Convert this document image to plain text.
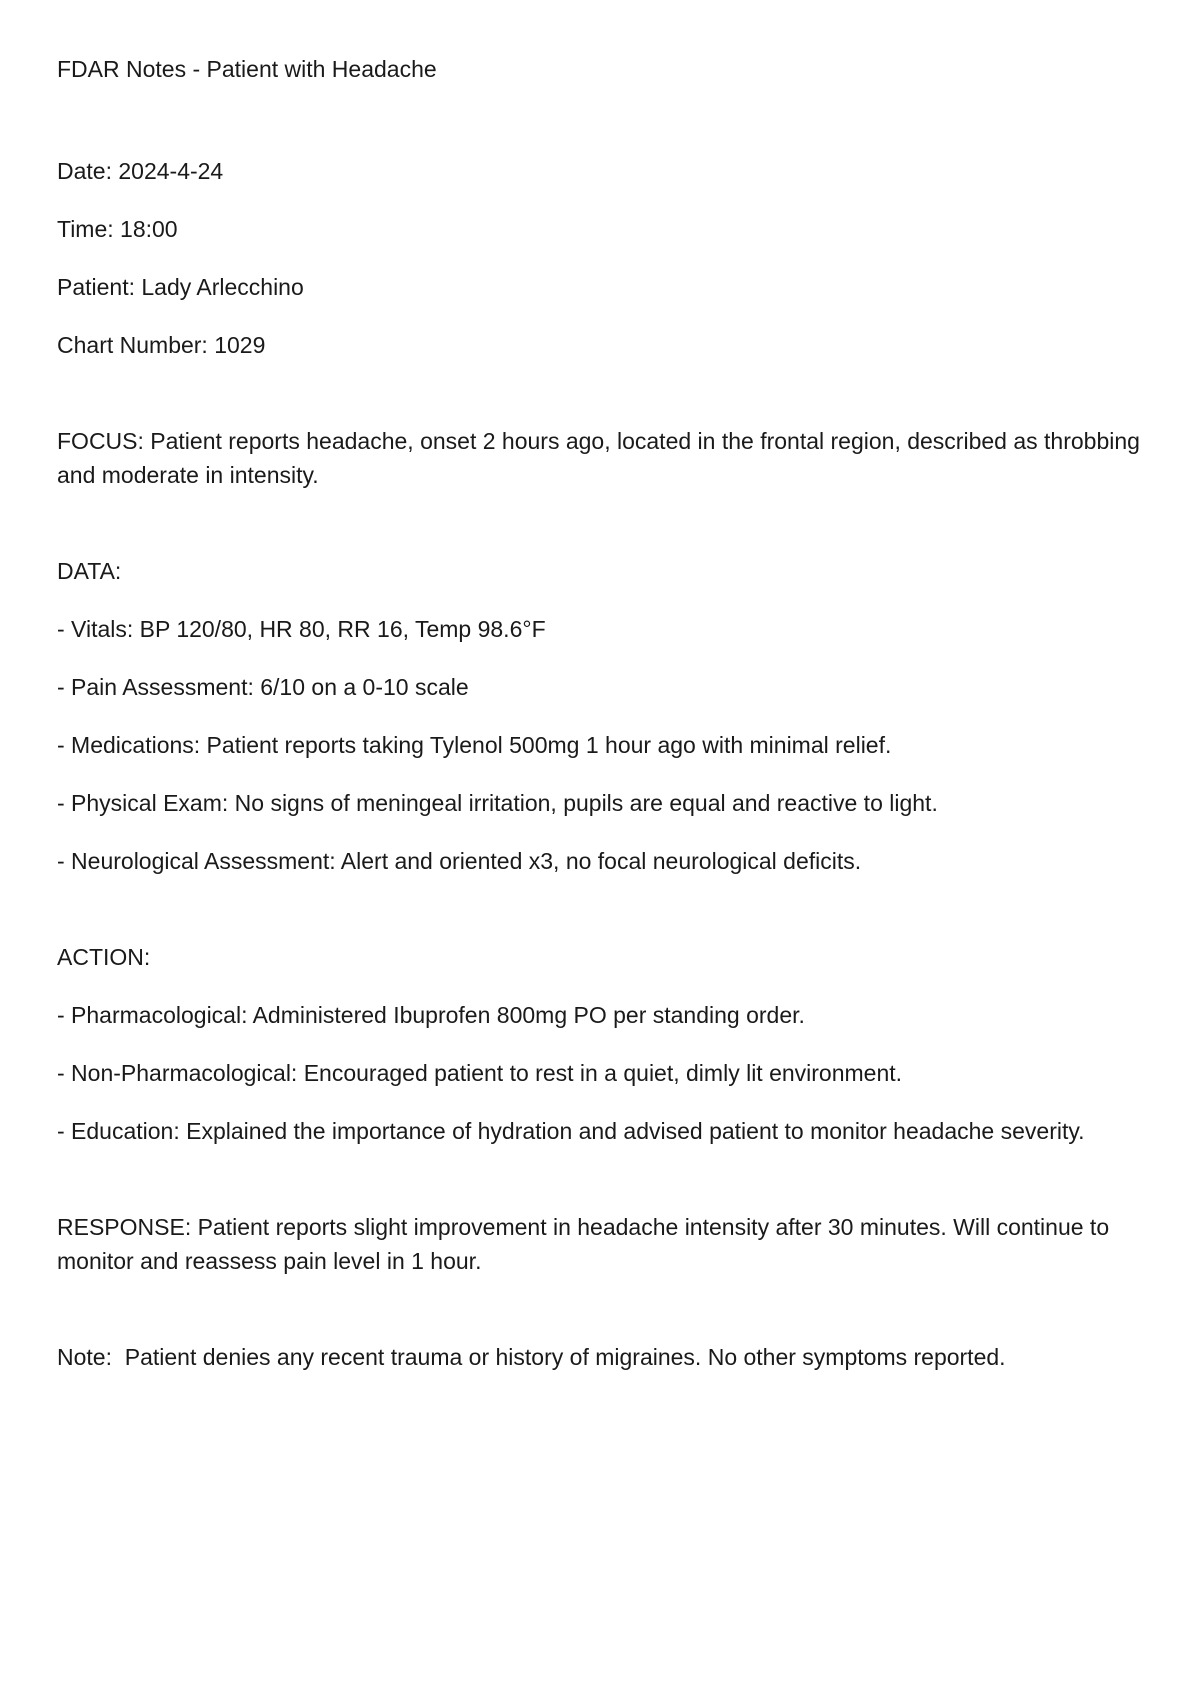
FDAR Notes - Patient with Headache

Date: 2024-4-24

Time: 18:00

Patient: Lady Arlecchino

Chart Number: 1029

FOCUS: Patient reports headache, onset 2 hours ago, located in the frontal region, described as throbbing and moderate in intensity.

DATA:

- Vitals: BP 120/80, HR 80, RR 16, Temp 98.6°F

- Pain Assessment: 6/10 on a 0-10 scale

- Medications: Patient reports taking Tylenol 500mg 1 hour ago with minimal relief.

- Physical Exam: No signs of meningeal irritation, pupils are equal and reactive to light.

- Neurological Assessment: Alert and oriented x3, no focal neurological deficits.

ACTION:

- Pharmacological: Administered Ibuprofen 800mg PO per standing order.

- Non-Pharmacological: Encouraged patient to rest in a quiet, dimly lit environment.

- Education: Explained the importance of hydration and advised patient to monitor headache severity.

RESPONSE: Patient reports slight improvement in headache intensity after 30 minutes. Will continue to monitor and reassess pain level in 1 hour.

Note:  Patient denies any recent trauma or history of migraines. No other symptoms reported.
